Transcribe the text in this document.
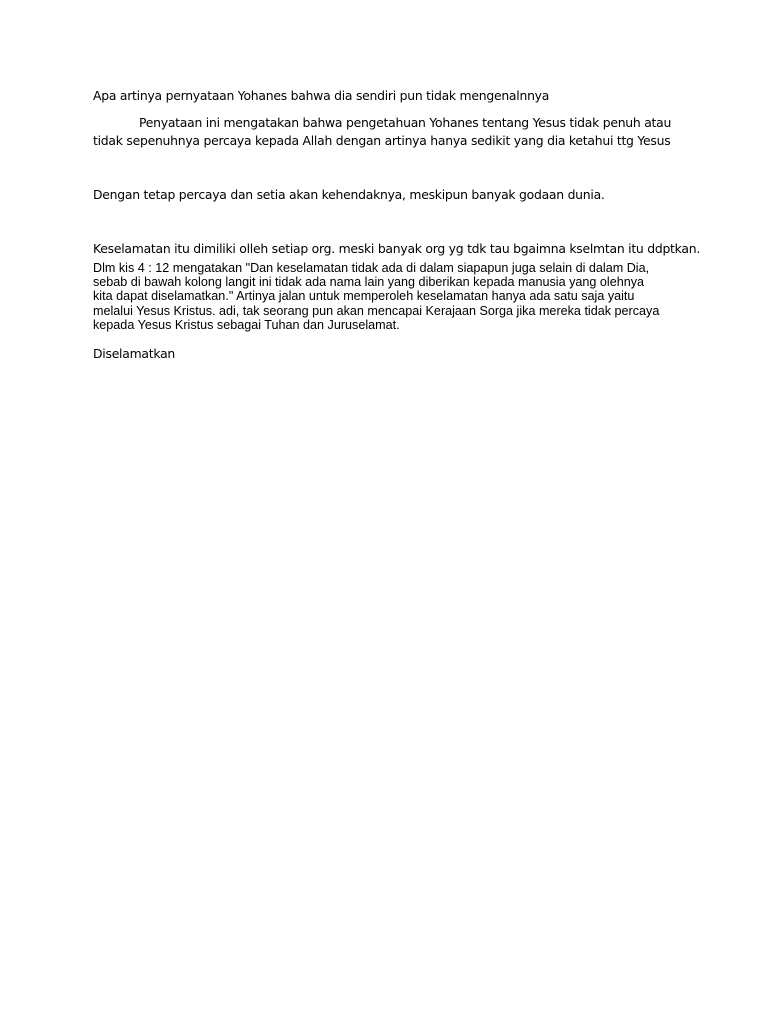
Apa artinya pernyataan Yohanes bahwa dia sendiri pun tidak mengenalnnya
Penyataan ini mengatakan bahwa pengetahuan Yohanes tentang Yesus tidak penuh atau
tidak sepenuhnya percaya kepada Allah dengan artinya hanya sedikit yang dia ketahui ttg Yesus
Dengan tetap percaya dan setia akan kehendaknya, meskipun banyak godaan dunia.
Keselamatan itu dimiliki olleh setiap org. meski banyak org yg tdk tau bgaimna kselmtan itu ddptkan.
Dlm kis 4 : 12 mengatakan "Dan keselamatan tidak ada di dalam siapapun juga selain di dalam Dia,
sebab di bawah kolong langit ini tidak ada nama lain yang diberikan kepada manusia yang olehnya
kita dapat diselamatkan." Artinya jalan untuk memperoleh keselamatan hanya ada satu saja yaitu
melalui Yesus Kristus. adi, tak seorang pun akan mencapai Kerajaan Sorga jika mereka tidak percaya
kepada Yesus Kristus sebagai Tuhan dan Juruselamat.
Diselamatkan
